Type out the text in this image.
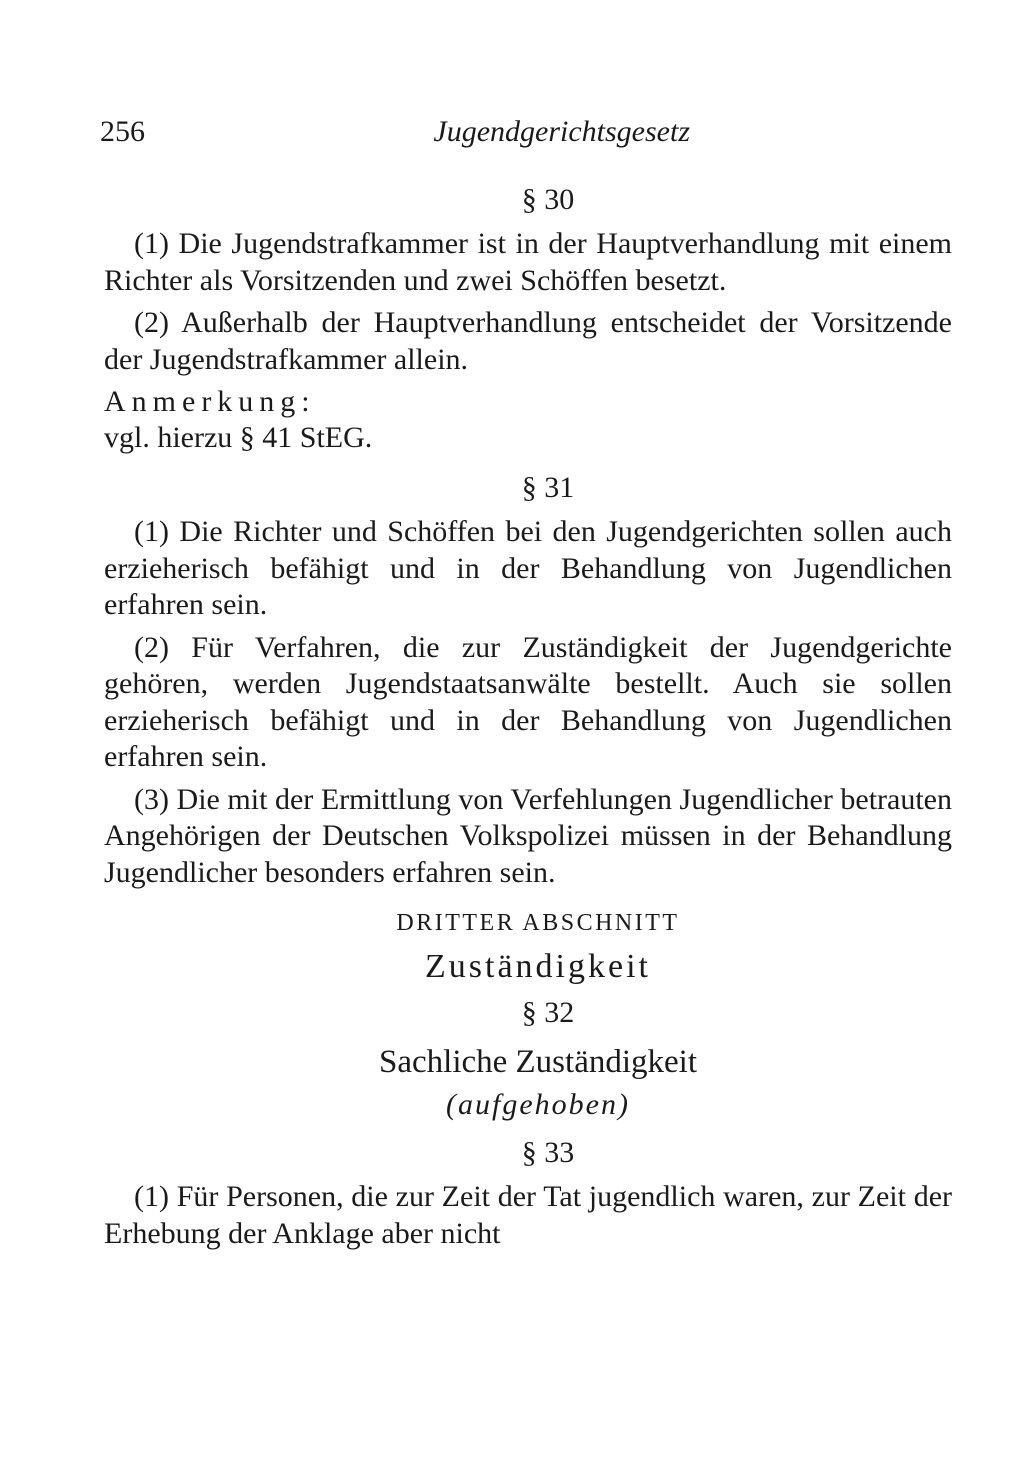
256	Jugendgerichtsgesetz
§ 30

(1) Die Jugendstrafkammer ist in der Hauptverhandlung mit einem Richter als Vorsitzenden und zwei Schöffen besetzt.

(2) Außerhalb der Hauptverhandlung entscheidet der Vorsitzende der Jugendstrafkammer allein.

Anmerkung:
vgl. hierzu § 41 StEG.
§ 31

(1) Die Richter und Schöffen bei den Jugendgerichten sollen auch erzieherisch befähigt und in der Behandlung von Jugendlichen erfahren sein.

(2) Für Verfahren, die zur Zuständigkeit der Jugendgerichte gehören, werden Jugendstaatsanwälte bestellt. Auch sie sollen erzieherisch befähigt und in der Behandlung von Jugendlichen erfahren sein.

(3) Die mit der Ermittlung von Verfehlungen Jugendlicher betrauten Angehörigen der Deutschen Volkspolizei müssen in der Behandlung Jugendlicher besonders erfahren sein.

DRITTER ABSCHNITT
Zuständigkeit
§ 32
Sachliche Zuständigkeit
(aufgehoben)
§ 33

(1) Für Personen, die zur Zeit der Tat jugendlich waren, zur Zeit der Erhebung der Anklage aber nicht
